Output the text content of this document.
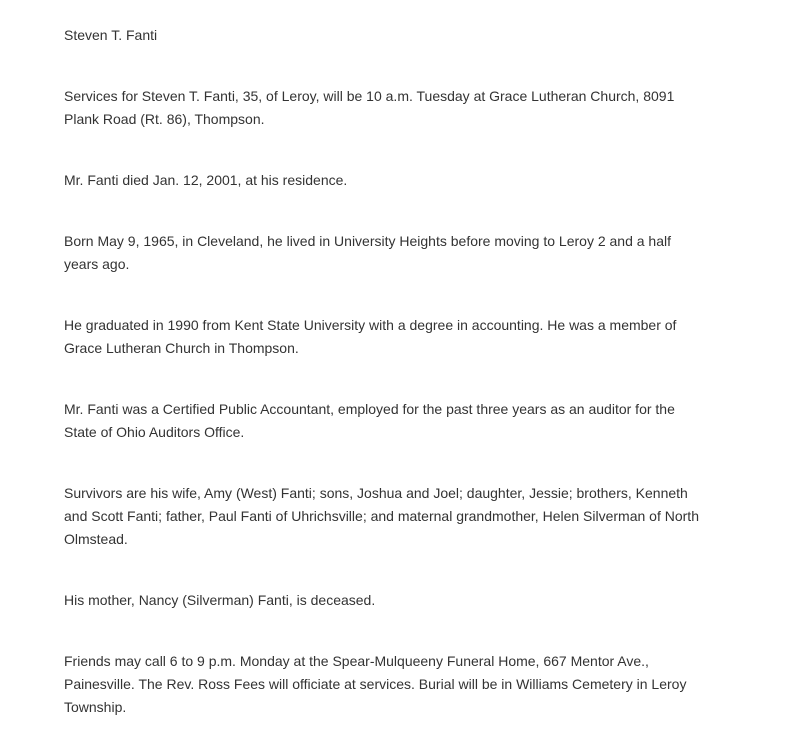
Steven T. Fanti

Services for Steven T. Fanti, 35, of Leroy, will be 10 a.m. Tuesday at Grace Lutheran Church, 8091 Plank Road (Rt. 86), Thompson.

Mr. Fanti died Jan. 12, 2001, at his residence.

Born May 9, 1965, in Cleveland, he lived in University Heights before moving to Leroy 2 and a half years ago.

He graduated in 1990 from Kent State University with a degree in accounting. He was a member of Grace Lutheran Church in Thompson.

Mr. Fanti was a Certified Public Accountant, employed for the past three years as an auditor for the State of Ohio Auditors Office.

Survivors are his wife, Amy (West) Fanti; sons, Joshua and Joel; daughter, Jessie; brothers, Kenneth and Scott Fanti; father, Paul Fanti of Uhrichsville; and maternal grandmother, Helen Silverman of North Olmstead.

His mother, Nancy (Silverman) Fanti, is deceased.

Friends may call 6 to 9 p.m. Monday at the Spear-Mulqueeny Funeral Home, 667 Mentor Ave., Painesville. The Rev. Ross Fees will officiate at services. Burial will be in Williams Cemetery in Leroy Township.
